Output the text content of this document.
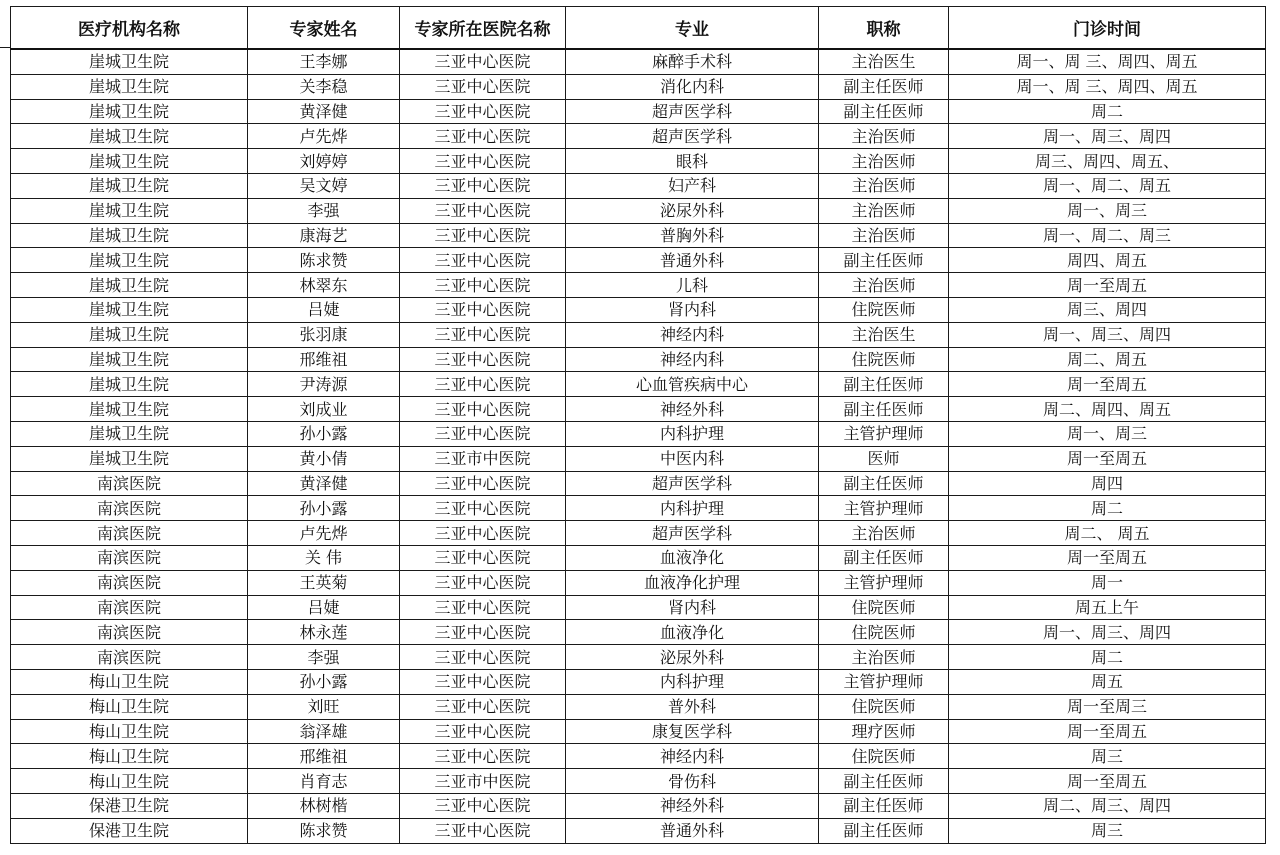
医疗机构名称	专家姓名	专家所在医院名称	专业	职称	门诊时间
崖城卫生院	王李娜	三亚中心医院	麻醉手术科	主治医生	周一、周 三、周四、周五
崖城卫生院	关李稳	三亚中心医院	消化内科	副主任医师	周一、周 三、周四、周五
崖城卫生院	黄泽健	三亚中心医院	超声医学科	副主任医师	周二
崖城卫生院	卢先烨	三亚中心医院	超声医学科	主治医师	周一、周三、周四
崖城卫生院	刘婷婷	三亚中心医院	眼科	主治医师	周三、周四、周五、
崖城卫生院	吴文婷	三亚中心医院	妇产科	主治医师	周一、周二、周五
崖城卫生院	李强	三亚中心医院	泌尿外科	主治医师	周一、周三
崖城卫生院	康海艺	三亚中心医院	普胸外科	主治医师	周一、周二、周三
崖城卫生院	陈求赞	三亚中心医院	普通外科	副主任医师	周四、周五
崖城卫生院	林翠东	三亚中心医院	儿科	主治医师	周一至周五
崖城卫生院	吕婕	三亚中心医院	肾内科	住院医师	周三、周四
崖城卫生院	张羽康	三亚中心医院	神经内科	主治医生	周一、周三、周四
崖城卫生院	邢维祖	三亚中心医院	神经内科	住院医师	周二、周五
崖城卫生院	尹涛源	三亚中心医院	心血管疾病中心	副主任医师	周一至周五
崖城卫生院	刘成业	三亚中心医院	神经外科	副主任医师	周二、周四、周五
崖城卫生院	孙小露	三亚中心医院	内科护理	主管护理师	周一、周三
崖城卫生院	黄小倩	三亚市中医院	中医内科	医师	周一至周五
南滨医院	黄泽健	三亚中心医院	超声医学科	副主任医师	周四
南滨医院	孙小露	三亚中心医院	内科护理	主管护理师	周二
南滨医院	卢先烨	三亚中心医院	超声医学科	主治医师	周二、 周五
南滨医院	关 伟	三亚中心医院	血液净化	副主任医师	周一至周五
南滨医院	王英菊	三亚中心医院	血液净化护理	主管护理师	周一
南滨医院	吕婕	三亚中心医院	肾内科	住院医师	周五上午
南滨医院	林永莲	三亚中心医院	血液净化	住院医师	周一、周三、周四
南滨医院	李强	三亚中心医院	泌尿外科	主治医师	周二
梅山卫生院	孙小露	三亚中心医院	内科护理	主管护理师	周五
梅山卫生院	刘旺	三亚中心医院	普外科	住院医师	周一至周三
梅山卫生院	翁泽雄	三亚中心医院	康复医学科	理疗医师	周一至周五
梅山卫生院	邢维祖	三亚中心医院	神经内科	住院医师	周三
梅山卫生院	肖育志	三亚市中医院	骨伤科	副主任医师	周一至周五
保港卫生院	林树楷	三亚中心医院	神经外科	副主任医师	周二、周三、周四
保港卫生院	陈求赞	三亚中心医院	普通外科	副主任医师	周三
